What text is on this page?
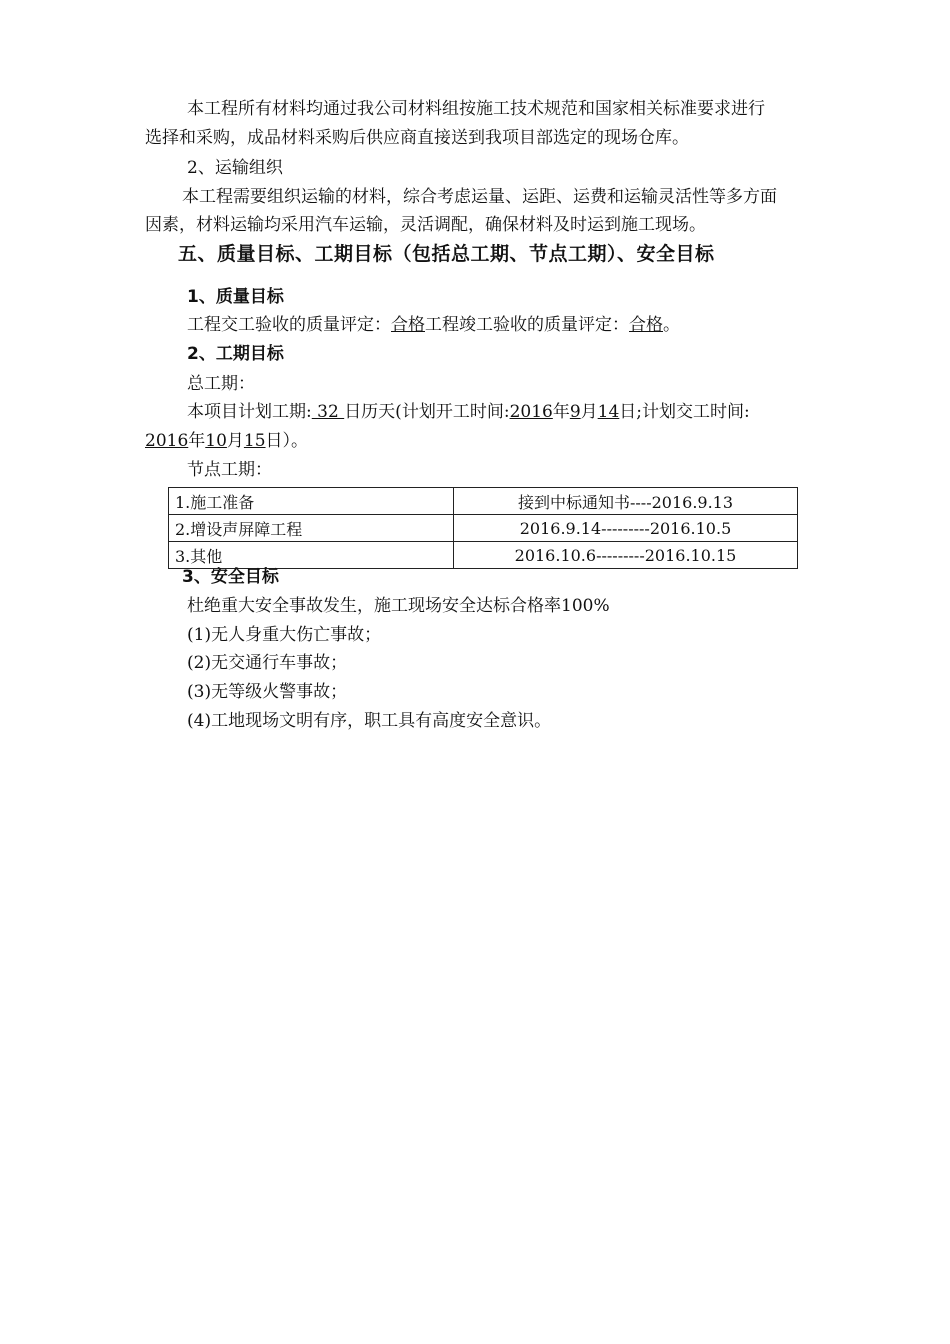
本工程所有材料均通过我公司材料组按施工技术规范和国家相关标准要求进行
选择和采购，成品材料采购后供应商直接送到我项目部选定的现场仓库。
2、运输组织
本工程需要组织运输的材料，综合考虑运量、运距、运费和运输灵活性等多方面
因素，材料运输均采用汽车运输，灵活调配，确保材料及时运到施工现场。
五、质量目标、工期目标（包括总工期、节点工期）、安全目标
1、质量目标
工程交工验收的质量评定：合格工程竣工验收的质量评定：合格。
2、工期目标
总工期：
本项目计划工期: 32 日历天(计划开工时间:2016年9月14日;计划交工时间:
2016年10月15日）。
节点工期：
1.施工准备	接到中标通知书----2016.9.13
2.增设声屏障工程	2016.9.14---------2016.10.5
3.其他	2016.10.6---------2016.10.15
3、安全目标
杜绝重大安全事故发生，施工现场安全达标合格率100%
(1)无人身重大伤亡事故；
(2)无交通行车事故；
(3)无等级火警事故；
(4)工地现场文明有序，职工具有高度安全意识。
